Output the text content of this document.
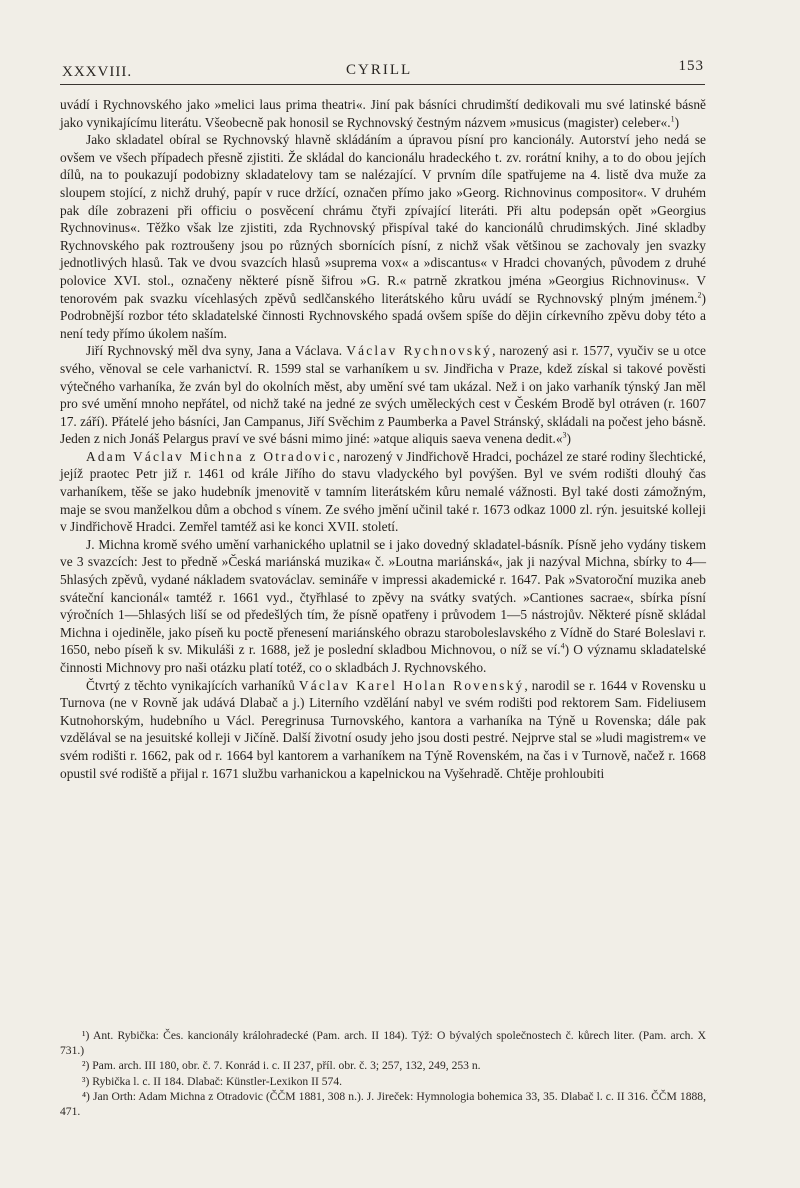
XXXVIII.	CYRILL	153

uvádí i Rychnovského jako »melici laus prima theatri«. Jiní pak básníci chrudimští dedikovali mu své latinské básně jako vynikajícímu literátu. Všeobecně pak honosil se Rychnovský čestným názvem »musicus (magister) celeber«.$^1$)

Jako skladatel obíral se Rychnovský hlavně skládáním a úpravou písní pro kancionály. Autorství jeho nedá se ovšem ve všech případech přesně zjistiti. Že skládal do kancionálu hradeckého t. zv. rorátní knihy, a to do obou jejích dílů, na to poukazují podobizny skladatelovy tam se nalézající. V prvním díle spatřujeme na 4. listě dva muže za sloupem stojící, z nichž druhý, papír v ruce držící, označen přímo jako »Georg. Richnovinus compositor«. V druhém pak díle zobrazeni při officiu o posvěcení chrámu čtyři zpívající literáti. Při altu podepsán opět »Georgius Rychnovinus«. Těžko však lze zjistiti, zda Rychnovský přispíval také do kancionálů chrudimských. Jiné skladby Rychnovského pak roztroušeny jsou po různých sbornících písní, z nichž však většinou se zachovaly jen svazky jednotlivých hlasů. Tak ve dvou svazcích hlasů »suprema vox« a »discantus« v Hradci chovaných, původem z druhé polovice XVI. stol., označeny některé písně šifrou »G. R.« patrně zkratkou jména »Georgius Richnovinus«. V tenorovém pak svazku vícehlasých zpěvů sedlčanského literátského kůru uvádí se Rychnovský plným jménem.$^2$) Podrobnější rozbor této skladatelské činnosti Rychnovského spadá ovšem spíše do dějin církevního zpěvu doby této a není tedy přímo úkolem naším.

Jiří Rychnovský měl dva syny, Jana a Václava. Václav Rychnovský, narozený asi r. 1577, vyučiv se u otce svého, věnoval se cele varhanictví. R. 1599 stal se varhaníkem u sv. Jindřicha v Praze, kdež získal si takové pověsti výtečného varhaníka, že zván byl do okolních měst, aby umění své tam ukázal. Než i on jako varhaník týnský Jan měl pro své umění mnoho nepřátel, od nichž také na jedné ze svých uměleckých cest v Českém Brodě byl otráven (r. 1607 17. září). Přátelé jeho básníci, Jan Campanus, Jiří Svěchim z Paumberka a Pavel Stránský, skládali na počest jeho básně. Jeden z nich Jonáš Pelargus praví ve své básni mimo jiné: »atque aliquis saeva venena dedit.«$^3$)

Adam Václav Michna z Otradovic, narozený v Jindřichově Hradci, pocházel ze staré rodiny šlechtické, jejíž praotec Petr již r. 1461 od krále Jiřího do stavu vladyckého byl povýšen. Byl ve svém rodišti dlouhý čas varhaníkem, těše se jako hudebník jmenovitě v tamním literátském kůru nemalé vážnosti. Byl také dosti zámožným, maje se svou manželkou dům a obchod s vínem. Ze svého jmění učinil také r. 1673 odkaz 1000 zl. rýn. jesuitské kolleji v Jindřichově Hradci. Zemřel tamtéž asi ke konci XVII. století.

J. Michna kromě svého umění varhanického uplatnil se i jako dovedný skladatel-básník. Písně jeho vydány tiskem ve 3 svazcích: Jest to předně »Česká mariánská muzika« č. »Loutna mariánská«, jak ji nazýval Michna, sbírky to 4—5hlasých zpěvů, vydané nákladem svatováclav. semináře v impressi akademické r. 1647. Pak »Svatoroční muzika aneb sváteční kancionál« tamtéž r. 1661 vyd., čtyřhlasé to zpěvy na svátky svatých. »Cantiones sacrae«, sbírka písní výročních 1—5hlasých liší se od předešlých tím, že písně opatřeny i průvodem 1—5 nástrojův. Některé písně skládal Michna i ojediněle, jako píseň ku poctě přenesení mariánského obrazu staroboleslavského z Vídně do Staré Boleslavi r. 1650, nebo píseň k sv. Mikuláši z r. 1688, jež je poslední skladbou Michnovou, o níž se ví.$^4$) O významu skladatelské činnosti Michnovy pro naši otázku platí totéž, co o skladbách J. Rychnovského.

Čtvrtý z těchto vynikajících varhaníků Václav Karel Holan Rovenský, narodil se r. 1644 v Rovensku u Turnova (ne v Rovně jak udává Dlabač a j.) Literního vzdělání nabyl ve svém rodišti pod rektorem Sam. Fideliusem Kutnohorským, hudebního u Václ. Peregrinusa Turnovského, kantora a varhaníka na Týně u Rovenska; dále pak vzdělával se na jesuitské kolleji v Jičíně. Další životní osudy jeho jsou dosti pestré. Nejprve stal se »ludi magistrem« ve svém rodišti r. 1662, pak od r. 1664 byl kantorem a varhaníkem na Týně Rovenském, na čas i v Turnově, načež r. 1668 opustil své rodiště a přijal r. 1671 službu varhanickou a kapelnickou na Vyšehradě. Chtěje prohloubiti

¹) Ant. Rybička: Čes. kancionály králohradecké (Pam. arch. II 184). Týž: O bývalých společnostech č. kůrech liter. (Pam. arch. X 731.)

²) Pam. arch. III 180, obr. č. 7. Konrád i. c. II 237, příl. obr. č. 3; 257, 132, 249, 253 n.

³) Rybička l. c. II 184. Dlabač: Künstler-Lexikon II 574.

⁴) Jan Orth: Adam Michna z Otradovic (ČČM 1881, 308 n.). J. Jireček: Hymnologia bohemica 33, 35. Dlabač l. c. II 316. ČČM 1888, 471.
